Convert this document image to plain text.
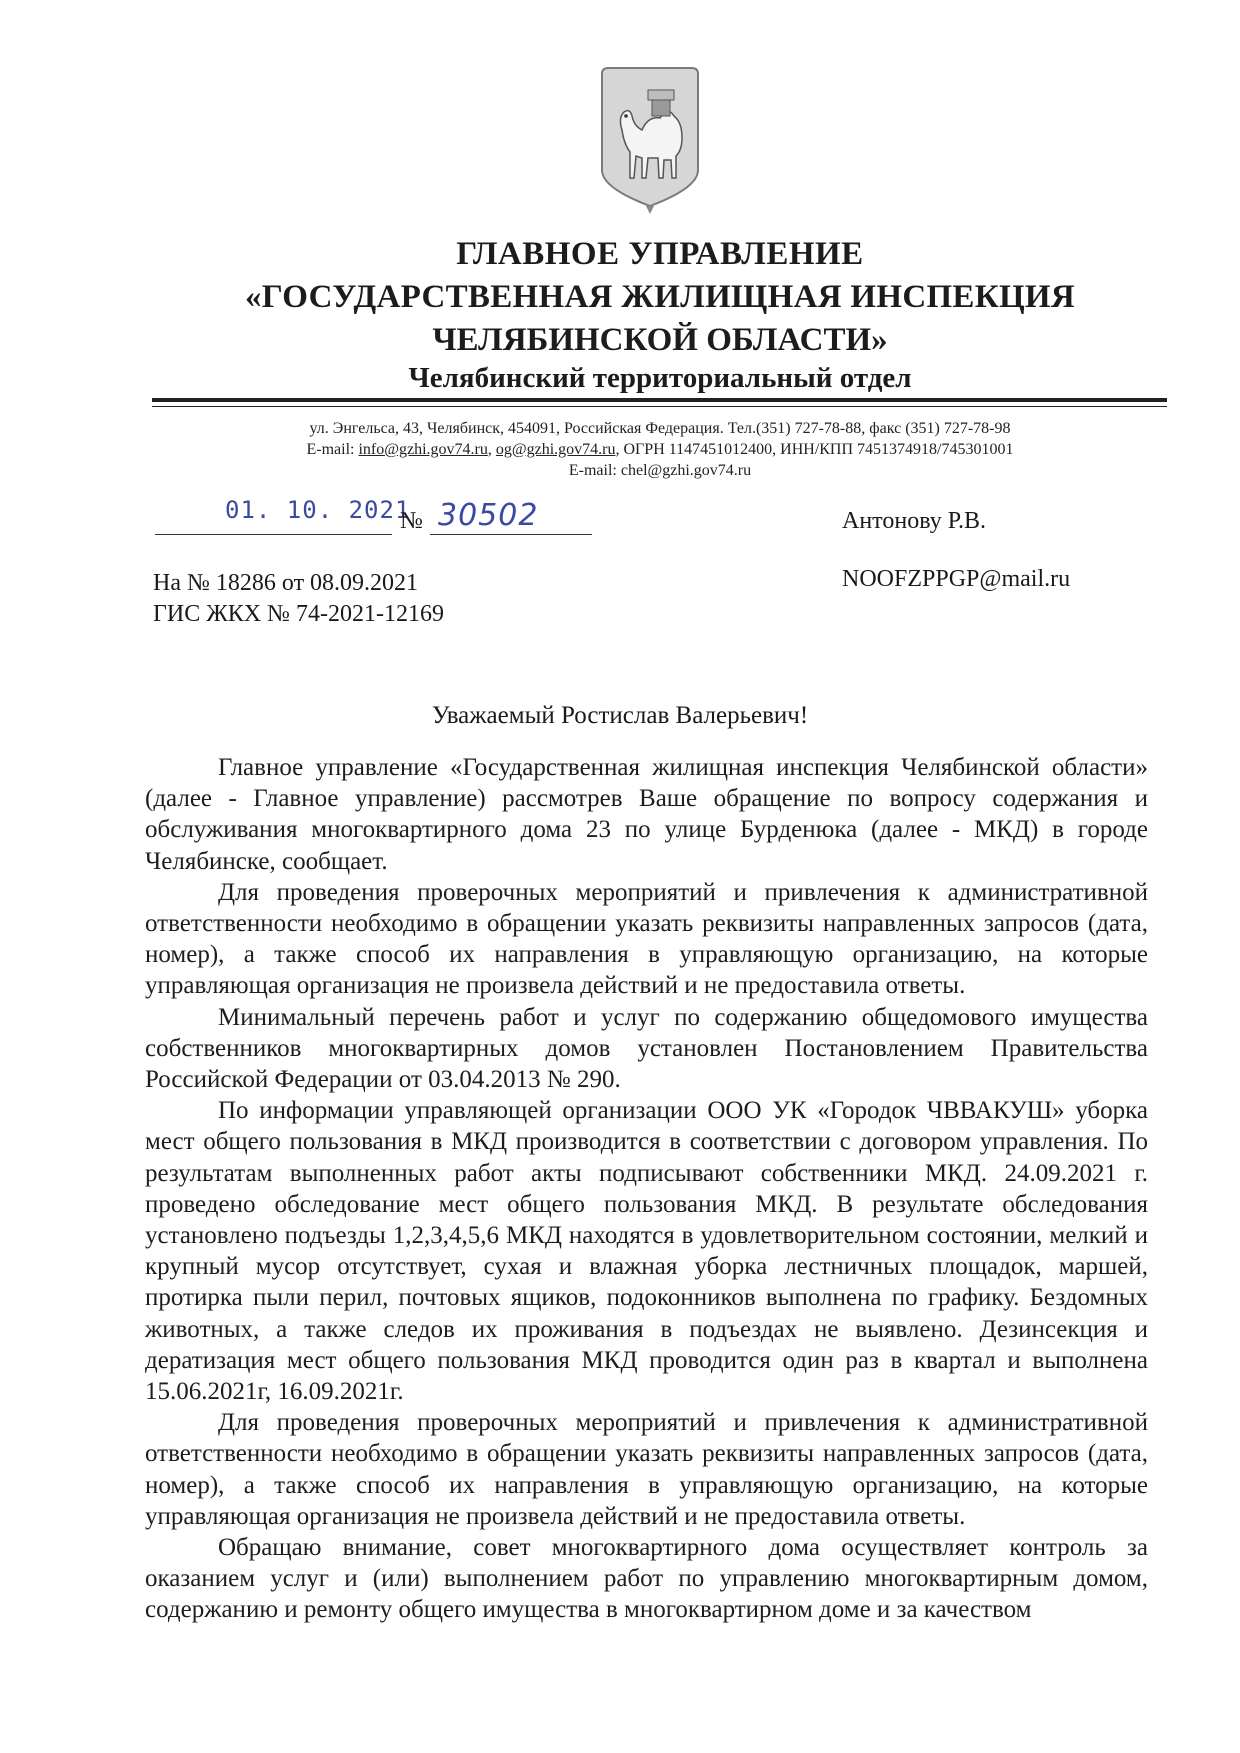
ГЛАВНОЕ УПРАВЛЕНИЕ
«ГОСУДАРСТВЕННАЯ ЖИЛИЩНАЯ ИНСПЕКЦИЯ
ЧЕЛЯБИНСКОЙ ОБЛАСТИ»
Челябинский территориальный отдел
ул. Энгельса, 43, Челябинск, 454091, Российская Федерация. Тел.(351) 727-78-88, факс (351) 727-78-98
E-mail: info@gzhi.gov74.ru, og@gzhi.gov74.ru, ОГРН 1147451012400, ИНН/КПП 7451374918/745301001
E-mail: chel@gzhi.gov74.ru
01. 10. 2021
№ 30502	Антонову Р.В.
NOOFZPPGP@mail.ru
На № 18286 от 08.09.2021
ГИС ЖКХ № 74-2021-12169
Уважаемый Ростислав Валерьевич!

Главное управление «Государственная жилищная инспекция Челябинской области» (далее - Главное управление) рассмотрев Ваше обращение по вопросу содержания и обслуживания многоквартирного дома 23 по улице Бурденюка (далее - МКД) в городе Челябинске, сообщает.

Для проведения проверочных мероприятий и привлечения к административной ответственности необходимо в обращении указать реквизиты направленных запросов (дата, номер), а также способ их направления в управляющую организацию, на которые управляющая организация не произвела действий и не предоставила ответы.

Минимальный перечень работ и услуг по содержанию общедомового имущества собственников многоквартирных домов установлен Постановлением Правительства Российской Федерации от 03.04.2013 № 290.

По информации управляющей организации ООО УК «Городок ЧВВАКУШ» уборка мест общего пользования в МКД производится в соответствии с договором управления. По результатам выполненных работ акты подписывают собственники МКД. 24.09.2021 г. проведено обследование мест общего пользования МКД. В результате обследования установлено подъезды 1,2,3,4,5,6 МКД находятся в удовлетворительном состоянии, мелкий и крупный мусор отсутствует, сухая и влажная уборка лестничных площадок, маршей, протирка пыли перил, почтовых ящиков, подоконников выполнена по графику. Бездомных животных, а также следов их проживания в подъездах не выявлено. Дезинсекция и дератизация мест общего пользования МКД проводится один раз в квартал и выполнена 15.06.2021г, 16.09.2021г.

Для проведения проверочных мероприятий и привлечения к административной ответственности необходимо в обращении указать реквизиты направленных запросов (дата, номер), а также способ их направления в управляющую организацию, на которые управляющая организация не произвела действий и не предоставила ответы.

Обращаю внимание, совет многоквартирного дома осуществляет контроль за оказанием услуг и (или) выполнением работ по управлению многоквартирным домом, содержанию и ремонту общего имущества в многоквартирном доме и за качеством
